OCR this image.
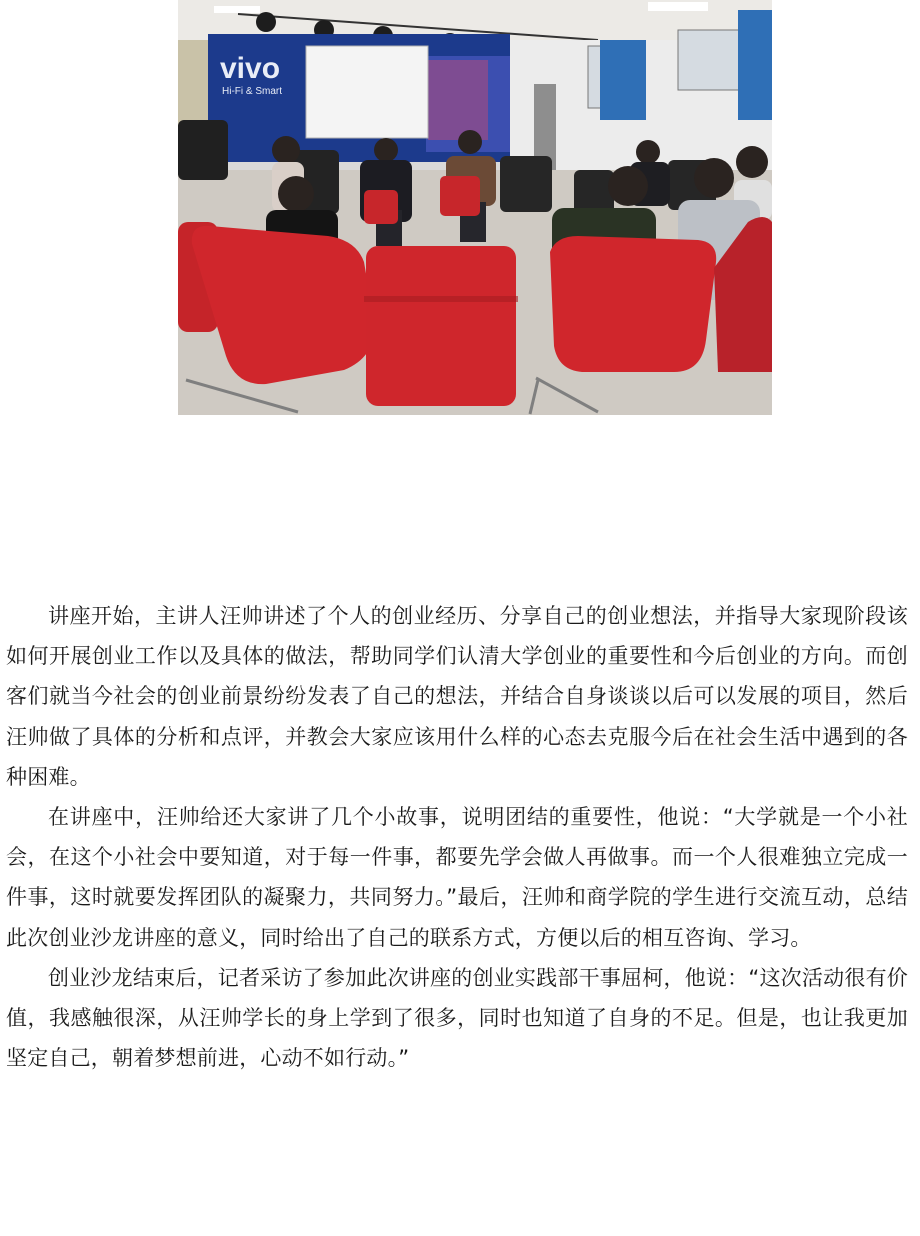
vivo
Hi-Fi & Smart

讲座开始，主讲人汪帅讲述了个人的创业经历、分享自己的创业想法，并指导大家现阶段该如何开展创业工作以及具体的做法，帮助同学们认清大学创业的重要性和今后创业的方向。而创客们就当今社会的创业前景纷纷发表了自己的想法，并结合自身谈谈以后可以发展的项目，然后汪帅做了具体的分析和点评，并教会大家应该用什么样的心态去克服今后在社会生活中遇到的各种困难。

在讲座中，汪帅给还大家讲了几个小故事，说明团结的重要性，他说：“大学就是一个小社会，在这个小社会中要知道，对于每一件事，都要先学会做人再做事。而一个人很难独立完成一件事，这时就要发挥团队的凝聚力，共同努力。”最后，汪帅和商学院的学生进行交流互动，总结此次创业沙龙讲座的意义，同时给出了自己的联系方式，方便以后的相互咨询、学习。

创业沙龙结束后，记者采访了参加此次讲座的创业实践部干事屈柯，他说：“这次活动很有价值，我感触很深，从汪帅学长的身上学到了很多，同时也知道了自身的不足。但是，也让我更加坚定自己，朝着梦想前进，心动不如行动。”
